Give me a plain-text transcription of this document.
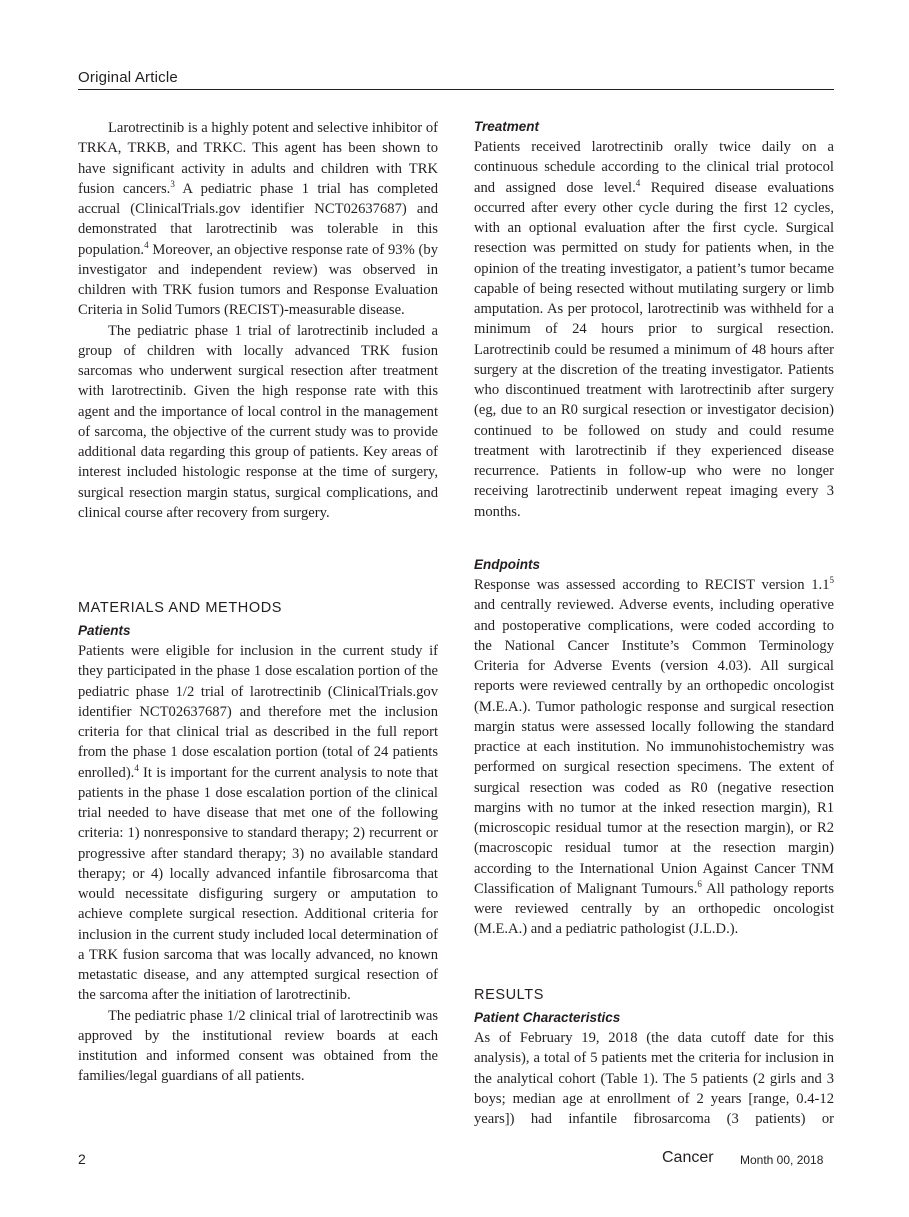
Original Article

Larotrectinib is a highly potent and selective inhibitor of TRKA, TRKB, and TRKC. This agent has been shown to have significant activity in adults and children with TRK fusion cancers.$^3$ A pediatric phase 1 trial has completed accrual (ClinicalTrials.gov identifier NCT02637687) and demonstrated that larotrectinib was tolerable in this population.$^4$ Moreover, an objective response rate of 93% (by investigator and independent review) was observed in children with TRK fusion tumors and Response Evaluation Criteria in Solid Tumors (RECIST)-measurable disease.

The pediatric phase 1 trial of larotrectinib included a group of children with locally advanced TRK fusion sarcomas who underwent surgical resection after treatment with larotrectinib. Given the high response rate with this agent and the importance of local control in the management of sarcoma, the objective of the current study was to provide additional data regarding this group of patients. Key areas of interest included histologic response at the time of surgery, surgical resection margin status, surgical complications, and clinical course after recovery from surgery.

MATERIALS AND METHODS
Patients

Patients were eligible for inclusion in the current study if they participated in the phase 1 dose escalation portion of the pediatric phase 1/2 trial of larotrectinib (ClinicalTrials.gov identifier NCT02637687) and therefore met the inclusion criteria for that clinical trial as described in the full report from the phase 1 dose escalation portion (total of 24 patients enrolled).$^4$ It is important for the current analysis to note that patients in the phase 1 dose escalation portion of the clinical trial needed to have disease that met one of the following criteria: 1) nonresponsive to standard therapy; 2) recurrent or progressive after standard therapy; 3) no available standard therapy; or 4) locally advanced infantile fibrosarcoma that would necessitate disfiguring surgery or amputation to achieve complete surgical resection. Additional criteria for inclusion in the current study included local determination of a TRK fusion sarcoma that was locally advanced, no known metastatic disease, and any attempted surgical resection of the sarcoma after the initiation of larotrectinib.

The pediatric phase 1/2 clinical trial of larotrectinib was approved by the institutional review boards at each institution and informed consent was obtained from the families/legal guardians of all patients.

Treatment

Patients received larotrectinib orally twice daily on a continuous schedule according to the clinical trial protocol and assigned dose level.$^4$ Required disease evaluations occurred after every other cycle during the first 12 cycles, with an optional evaluation after the first cycle. Surgical resection was permitted on study for patients when, in the opinion of the treating investigator, a patient’s tumor became capable of being resected without mutilating surgery or limb amputation. As per protocol, larotrectinib was withheld for a minimum of 24 hours prior to surgical resection. Larotrectinib could be resumed a minimum of 48 hours after surgery at the discretion of the treating investigator. Patients who discontinued treatment with larotrectinib after surgery (eg, due to an R0 surgical resection or investigator decision) continued to be followed on study and could resume treatment with larotrectinib if they experienced disease recurrence. Patients in follow-up who were no longer receiving larotrectinib underwent repeat imaging every 3 months.

Endpoints

Response was assessed according to RECIST version $1.1^5$ and centrally reviewed. Adverse events, including operative and postoperative complications, were coded according to the National Cancer Institute’s Common Terminology Criteria for Adverse Events (version 4.03). All surgical reports were reviewed centrally by an orthopedic oncologist (M.E.A.). Tumor pathologic response and surgical resection margin status were assessed locally following the standard practice at each institution. No immunohistochemistry was performed on surgical resection specimens. The extent of surgical resection was coded as R0 (negative resection margins with no tumor at the inked resection margin), R1 (microscopic residual tumor at the resection margin), or R2 (macroscopic residual tumor at the resection margin) according to the International Union Against Cancer TNM Classification of Malignant Tumours.$^6$ All pathology reports were reviewed centrally by an orthopedic oncologist (M.E.A.) and a pediatric pathologist (J.L.D.).

RESULTS
Patient Characteristics

As of February 19, 2018 (the data cutoff date for this analysis), a total of 5 patients met the criteria for inclusion in the analytical cohort (Table 1). The 5 patients (2 girls and 3 boys; median age at enrollment of 2 years [range, 0.4-12 years]) had infantile fibrosarcoma (3 patients) or

2	Cancer Month 00, 2018
